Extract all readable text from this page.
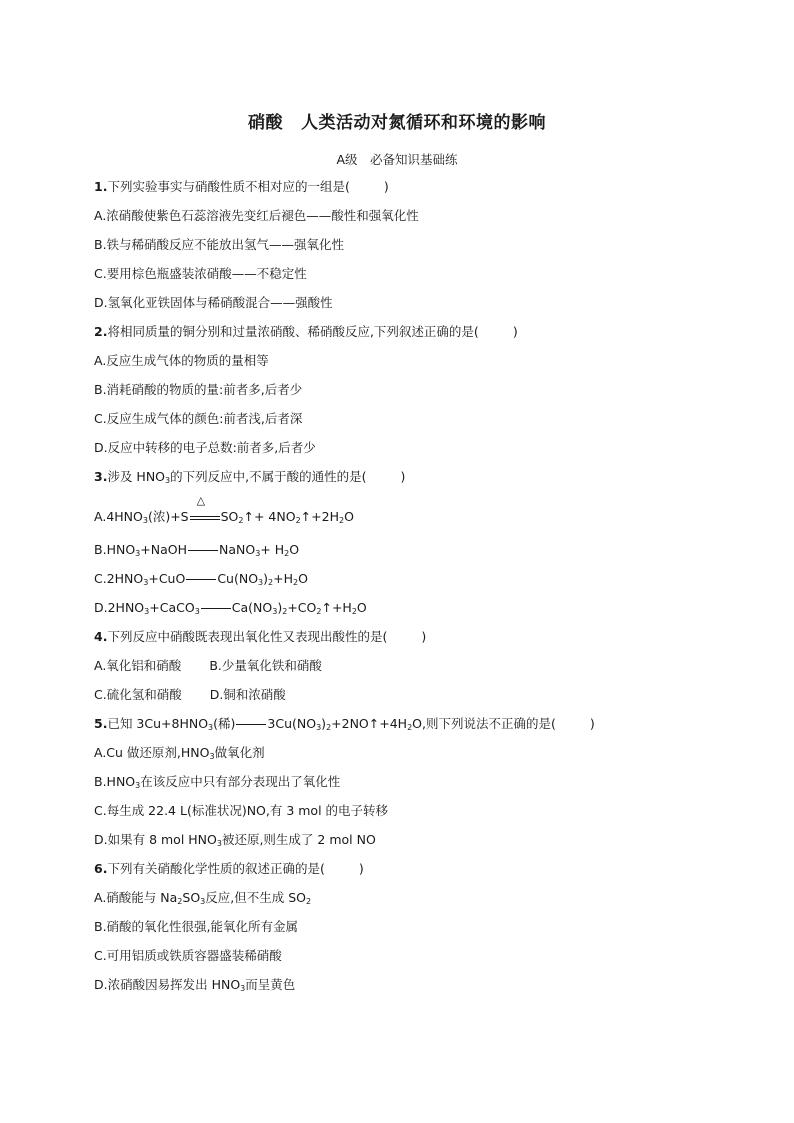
硝酸 人类活动对氮循环和环境的影响
A级　必备知识基础练
1.下列实验事实与硝酸性质不相对应的一组是(	)
A.浓硝酸使紫色石蕊溶液先变红后褪色——酸性和强氧化性
B.铁与稀硝酸反应不能放出氢气——强氧化性
C.要用棕色瓶盛装浓硝酸——不稳定性
D.氢氧化亚铁固体与稀硝酸混合——强酸性
2.将相同质量的铜分别和过量浓硝酸、稀硝酸反应,下列叙述正确的是(	)
A.反应生成气体的物质的量相等
B.消耗硝酸的物质的量:前者多,后者少
C.反应生成气体的颜色:前者浅,后者深
D.反应中转移的电子总数:前者多,后者少
3.涉及 $HNO_3$的下列反应中,不属于酸的通性的是(	)
$A.4HNO_3$(浓)+S
△
$SO_2↑+$ $4NO_2↑+2H_2O$
$B.HNO_3+NaOH$	NaNO$_3$+ $H_2O$
$C.2HNO_3+CuO$	$Cu(NO_3)_2+H_2O$
$D.2HNO_3+CaCO_3$	$Ca(NO_3)_2+CO_2↑+H_2O$
4.下列反应中硝酸既表现出氧化性又表现出酸性的是(	)
A.氧化铝和硝酸 B.少量氧化铁和硝酸
C.硫化氢和硝酸 D.铜和浓硝酸
5.已知 $3Cu+8HNO_3$(稀)	$3Cu(NO_3)_2+2NO↑+4H_2O$,则下列说法不正确的是(	)
A.Cu 做还原剂$,HNO_3$做氧化剂
$B.HNO_3$在该反应中只有部分表现出了氧化性
C.每生成 22.4 L(标准状况)NO,有 3 mol 的电子转移
D.如果有 8 mol $HNO_3$被还原,则生成了 2 mol NO
6.下列有关硝酸化学性质的叙述正确的是(	)
A.硝酸能与 $Na_2SO_3$反应,但不生成 $SO_2$
B.硝酸的氧化性很强,能氧化所有金属
C.可用铝质或铁质容器盛装稀硝酸
D.浓硝酸因易挥发出 $HNO_3$而呈黄色
